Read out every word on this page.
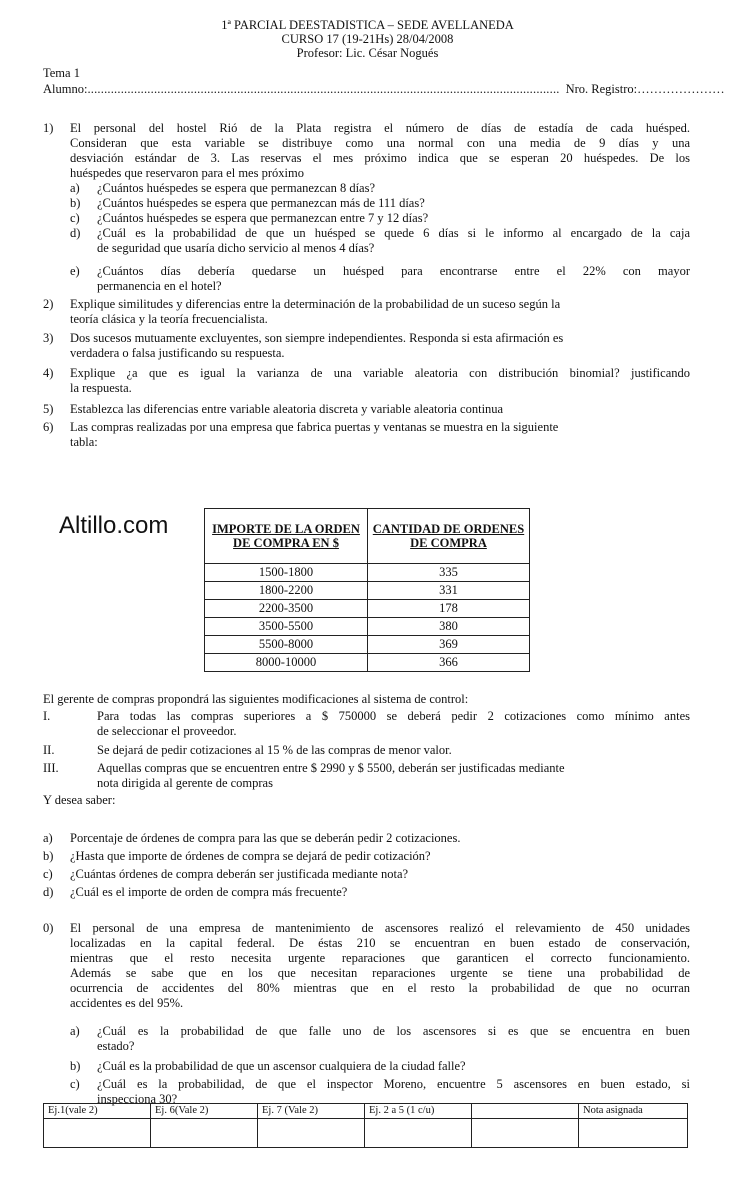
1ª PARCIAL DEESTADISTICA – SEDE AVELLANEDA
CURSO 17 (19-21Hs) 28/04/2008
Profesor: Lic. César Nogués
Tema 1
Alumno:.............................................................................................................................................. Nro. Registro:…………………
1) El personal del hostel Rió de la Plata registra el número de días de estadía de cada huésped.
Consideran que esta variable se distribuye como una normal con una media de 9 días y una
desviación estándar de 3. Las reservas el mes próximo indica que se esperan 20 huéspedes. De los
huéspedes que reservaron para el mes próximo
a) ¿Cuántos huéspedes se espera que permanezcan 8 días?
b) ¿Cuántos huéspedes se espera que permanezcan más de 111 días?
c) ¿Cuántos huéspedes se espera que permanezcan entre 7 y 12 días?
d) ¿Cuál es la probabilidad de que un huésped se quede 6 días si le informo al encargado de la caja
de seguridad que usaría dicho servicio al menos 4 días?
e) ¿Cuántos días debería quedarse un huésped para encontrarse entre el 22% con mayor
permanencia en el hotel?
2) Explique similitudes y diferencias entre la determinación de la probabilidad de un suceso según la
teoría clásica y la teoría frecuencialista.
3) Dos sucesos mutuamente excluyentes, son siempre independientes. Responda si esta afirmación es
verdadera o falsa justificando su respuesta.
4) Explique ¿a que es igual la varianza de una variable aleatoria con distribución binomial? justificando
la respuesta.
5) Establezca las diferencias entre variable aleatoria discreta y variable aleatoria continua
6) Las compras realizadas por una empresa que fabrica puertas y ventanas se muestra en la siguiente
tabla:
Altillo.com	IMPORTE DE LA ORDEN DE COMPRA EN $	CANTIDAD DE ORDENES DE COMPRA
1500-1800	335
1800-2200	331
2200-3500	178
3500-5500	380
5500-8000	369
8000-10000	366
El gerente de compras propondrá las siguientes modificaciones al sistema de control:
I.	Para todas las compras superiores a $ 750000 se deberá pedir 2 cotizaciones como mínimo antes
de seleccionar el proveedor.
II.	Se dejará de pedir cotizaciones al 15 % de las compras de menor valor.
III.	Aquellas compras que se encuentren entre $ 2990 y $ 5500, deberán ser justificadas mediante
nota dirigida al gerente de compras
Y desea saber:
a) Porcentaje de órdenes de compra para las que se deberán pedir 2 cotizaciones.
b) ¿Hasta que importe de órdenes de compra se dejará de pedir cotización?
c) ¿Cuántas órdenes de compra deberán ser justificada mediante nota?
d) ¿Cuál es el importe de orden de compra más frecuente?
0) El personal de una empresa de mantenimiento de ascensores realizó el relevamiento de 450 unidades
localizadas en la capital federal. De éstas 210 se encuentran en buen estado de conservación,
mientras que el resto necesita urgente reparaciones que garanticen el correcto funcionamiento.
Además se sabe que en los que necesitan reparaciones urgente se tiene una probabilidad de
ocurrencia de accidentes del 80% mientras que en el resto la probabilidad de que no ocurran
accidentes es del 95%.
a) ¿Cuál es la probabilidad de que falle uno de los ascensores si es que se encuentra en buen
estado?
b) ¿Cuál es la probabilidad de que un ascensor cualquiera de la ciudad falle?
c) ¿Cuál es la probabilidad, de que el inspector Moreno, encuentre 5 ascensores en buen estado, si
inspecciona 30?
Ej.1(vale 2)	Ej. 6(Vale 2)	Ej. 7 (Vale 2)	Ej. 2 a 5 (1 c/u)		Nota asignada
